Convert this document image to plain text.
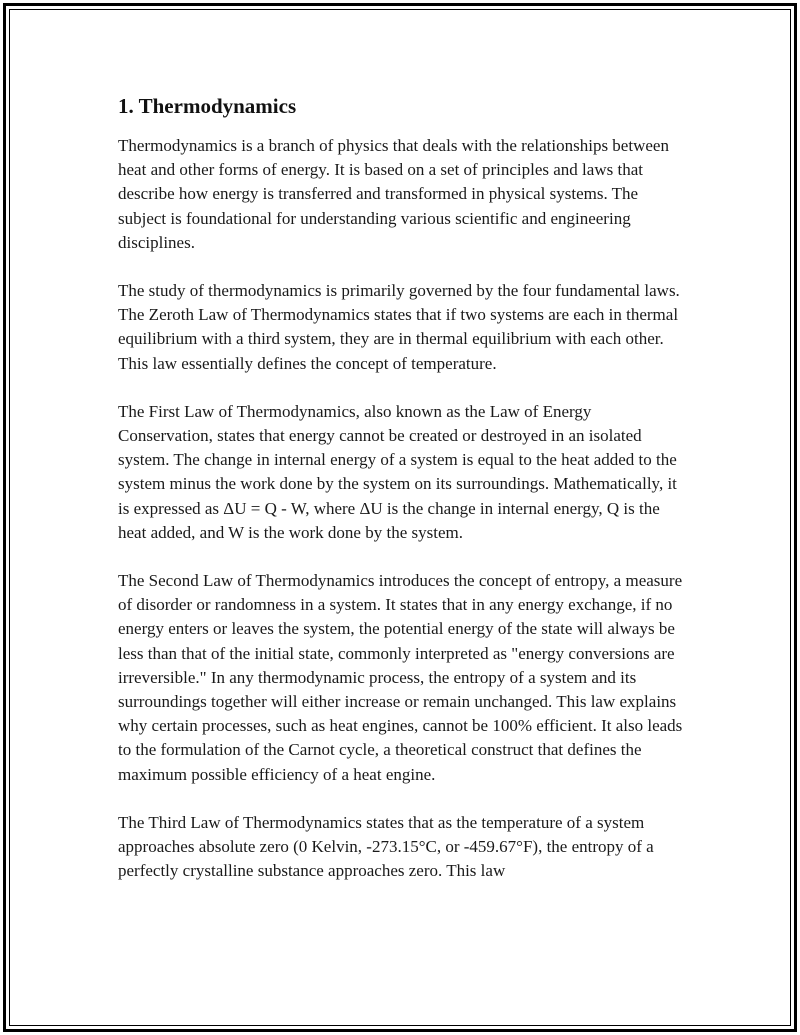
1. Thermodynamics

Thermodynamics is a branch of physics that deals with the relationships between heat and other forms of energy. It is based on a set of principles and laws that describe how energy is transferred and transformed in physical systems. The subject is foundational for understanding various scientific and engineering disciplines.

The study of thermodynamics is primarily governed by the four fundamental laws. The Zeroth Law of Thermodynamics states that if two systems are each in thermal equilibrium with a third system, they are in thermal equilibrium with each other. This law essentially defines the concept of temperature.

The First Law of Thermodynamics, also known as the Law of Energy Conservation, states that energy cannot be created or destroyed in an isolated system. The change in internal energy of a system is equal to the heat added to the system minus the work done by the system on its surroundings. Mathematically, it is expressed as ΔU = Q - W, where ΔU is the change in internal energy, Q is the heat added, and W is the work done by the system.

The Second Law of Thermodynamics introduces the concept of entropy, a measure of disorder or randomness in a system. It states that in any energy exchange, if no energy enters or leaves the system, the potential energy of the state will always be less than that of the initial state, commonly interpreted as "energy conversions are irreversible." In any thermodynamic process, the entropy of a system and its surroundings together will either increase or remain unchanged. This law explains why certain processes, such as heat engines, cannot be 100% efficient. It also leads to the formulation of the Carnot cycle, a theoretical construct that defines the maximum possible efficiency of a heat engine.

The Third Law of Thermodynamics states that as the temperature of a system approaches absolute zero (0 Kelvin, -273.15°C, or -459.67°F), the entropy of a perfectly crystalline substance approaches zero. This law
